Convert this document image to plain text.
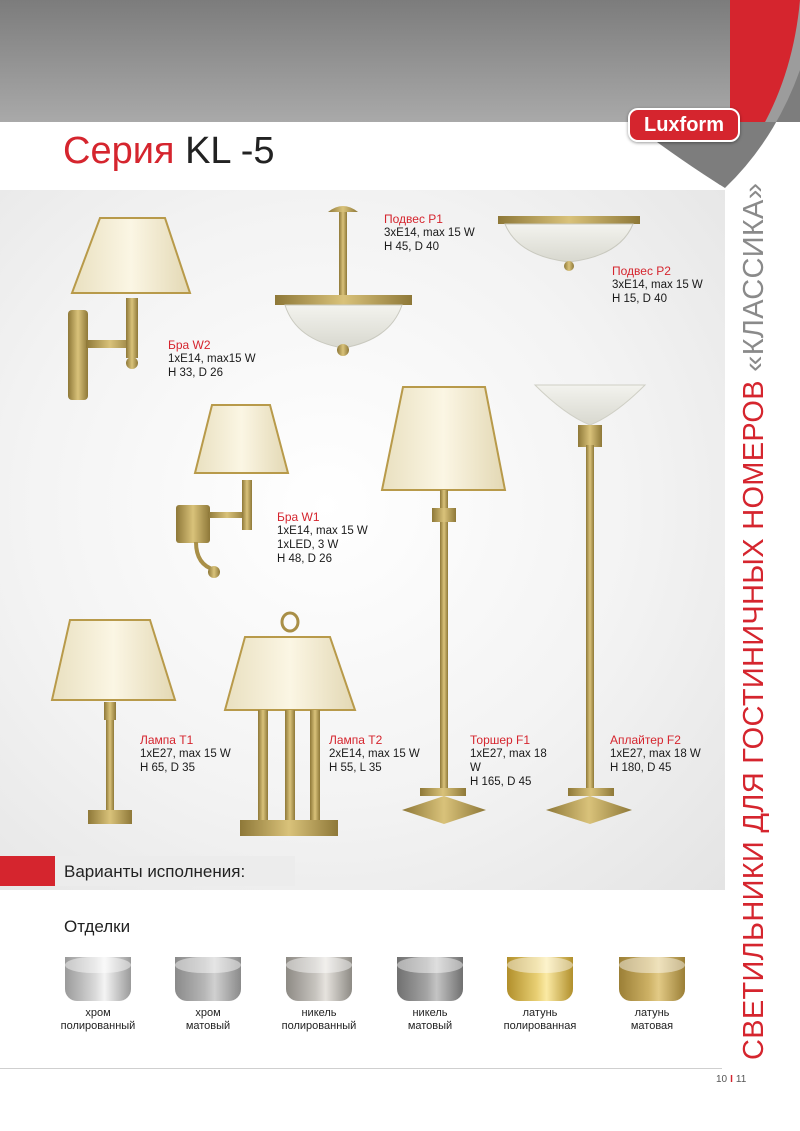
Luxform
Серия KL -5
СВЕТИЛЬНИКИ ДЛЯ ГОСТИНИЧНЫХ НОМЕРОВ «КЛАССИКА»
Бра W2
1xE14, max15 W
H 33, D 26
Подвес P1
3xE14, max 15 W
H 45, D 40
Подвес P2
3xE14, max 15 W
H 15, D 40
Бра W1
1xE14, max 15 W
1xLED, 3 W
H 48, D 26
Лампа T1
1xE27, max 15 W
H 65, D 35
Лампа T2
2xE14, max 15 W
H 55, L 35
Торшер F1
1xE27, max 18
W
H 165, D 45
Аплайтер F2
1xE27, max 18 W
H 180, D 45
Варианты исполнения:
Отделки
хром
полированный
хром
матовый
никель
полированный
никель
матовый
латунь
полированная
латунь
матовая
10 I 11
